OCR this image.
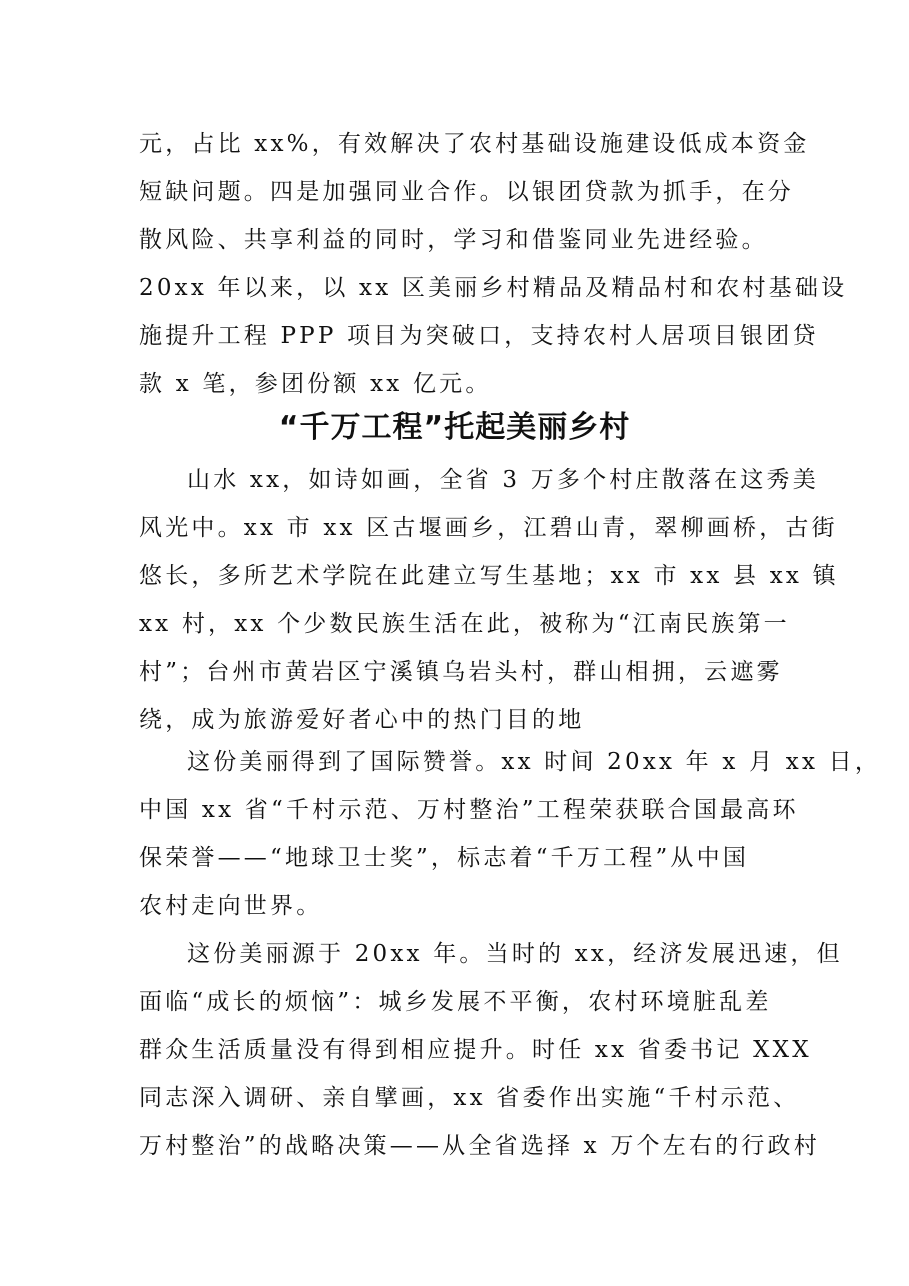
元，占比 xx%，有效解决了农村基础设施建设低成本资金
短缺问题。四是加强同业合作。以银团贷款为抓手，在分
散风险、共享利益的同时，学习和借鉴同业先进经验。
20xx 年以来，以 xx 区美丽乡村精品及精品村和农村基础设
施提升工程 PPP 项目为突破口，支持农村人居项目银团贷
款 x 笔，参团份额 xx 亿元。
“千万工程”托起美丽乡村
山水 xx，如诗如画，全省 3 万多个村庄散落在这秀美
风光中。xx 市 xx 区古堰画乡，江碧山青，翠柳画桥，古街
悠长，多所艺术学院在此建立写生基地；xx 市 xx 县 xx 镇
xx 村，xx 个少数民族生活在此，被称为“江南民族第一
村”；台州市黄岩区宁溪镇乌岩头村，群山相拥，云遮雾
绕，成为旅游爱好者心中的热门目的地
这份美丽得到了国际赞誉。xx 时间 20xx 年 x 月 xx 日，
中国 xx 省“千村示范、万村整治”工程荣获联合国最高环
保荣誉——“地球卫士奖”，标志着“千万工程”从中国
农村走向世界。
这份美丽源于 20xx 年。当时的 xx，经济发展迅速，但
面临“成长的烦恼”：城乡发展不平衡，农村环境脏乱差
群众生活质量没有得到相应提升。时任 xx 省委书记 XXX
同志深入调研、亲自擘画，xx 省委作出实施“千村示范、
万村整治”的战略决策——从全省选择 x 万个左右的行政村
